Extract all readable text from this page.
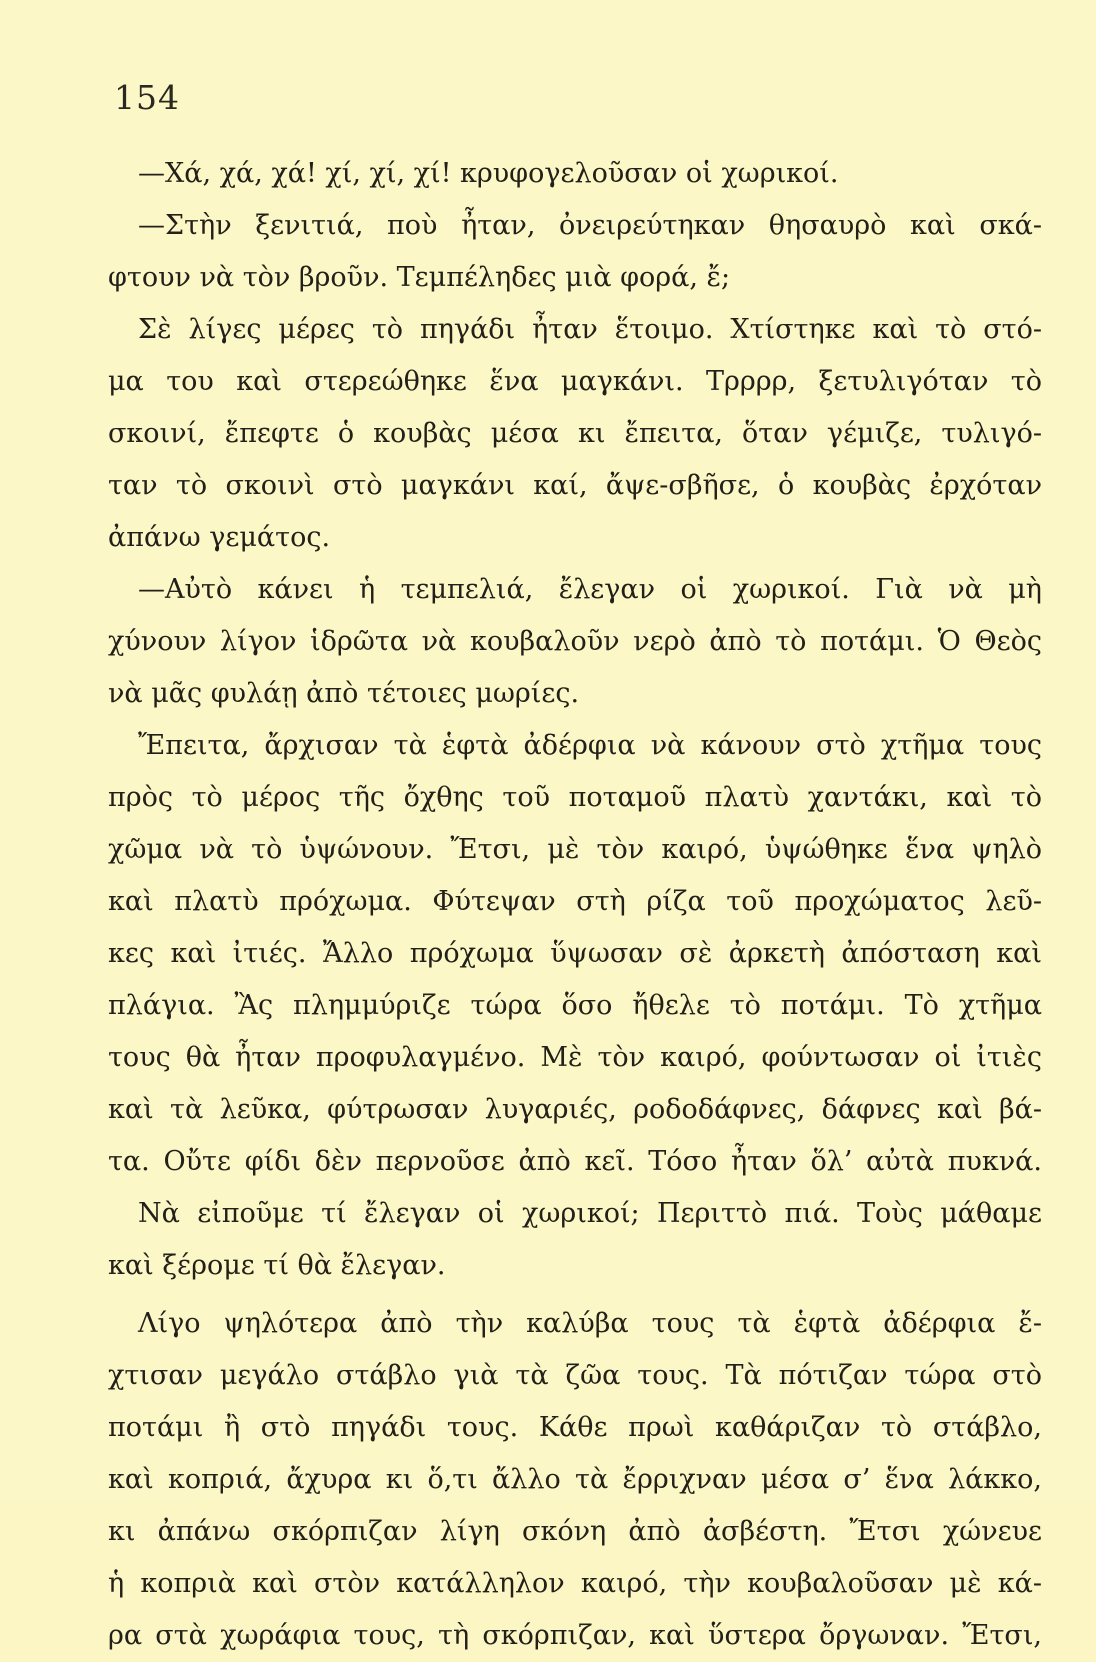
154
—Χά, χά, χά! χί, χί, χί! κρυφογελοῦσαν οἱ χωρικοί.
—Στὴν ξενιτιά, ποὺ ἦταν, ὀνειρεύτηκαν θησαυρὸ καὶ σκά-
φτουν νὰ τὸν βροῦν. Τεμπέληδες μιὰ φορά, ἔ;
Σὲ λίγες μέρες τὸ πηγάδι ἦταν ἕτοιμο. Χτίστηκε καὶ τὸ στό-
μα του καὶ στερεώθηκε ἕνα μαγκάνι. Τρρρρ, ξετυλιγόταν τὸ
σκοινί, ἔπεφτε ὁ κουβὰς μέσα κι ἔπειτα, ὅταν γέμιζε, τυλιγό-
ταν τὸ σκοινὶ στὸ μαγκάνι καί, ἄψε-σβῆσε, ὁ κουβὰς ἐρχόταν
ἀπάνω γεμάτος.
—Αὐτὸ κάνει ἡ τεμπελιά, ἔλεγαν οἱ χωρικοί. Γιὰ νὰ μὴ
χύνουν λίγον ἱδρῶτα νὰ κουβαλοῦν νερὸ ἀπὸ τὸ ποτάμι. Ὁ Θεὸς
νὰ μᾶς φυλάῃ ἀπὸ τέτοιες μωρίες.
Ἔπειτα, ἄρχισαν τὰ ἑφτὰ ἀδέρφια νὰ κάνουν στὸ χτῆμα τους
πρὸς τὸ μέρος τῆς ὄχθης τοῦ ποταμοῦ πλατὺ χαντάκι, καὶ τὸ
χῶμα νὰ τὸ ὑψώνουν. Ἔτσι, μὲ τὸν καιρό, ὑψώθηκε ἕνα ψηλὸ
καὶ πλατὺ πρόχωμα. Φύτεψαν στὴ ρίζα τοῦ προχώματος λεῦ-
κες καὶ ἰτιές. Ἄλλο πρόχωμα ὕψωσαν σὲ ἀρκετὴ ἀπόσταση καὶ
πλάγια. Ἂς πλημμύριζε τώρα ὅσο ἤθελε τὸ ποτάμι. Τὸ χτῆμα
τους θὰ ἦταν προφυλαγμένο. Μὲ τὸν καιρό, φούντωσαν οἱ ἰτιὲς
καὶ τὰ λεῦκα, φύτρωσαν λυγαριές, ροδοδάφνες, δάφνες καὶ βά-
τα. Οὔτε φίδι δὲν περνοῦσε ἀπὸ κεῖ. Τόσο ἦταν ὅλ’ αὐτὰ πυκνά.
Νὰ εἰποῦμε τί ἔλεγαν οἱ χωρικοί; Περιττὸ πιά. Τοὺς μάθαμε
καὶ ξέρομε τί θὰ ἔλεγαν.
Λίγο ψηλότερα ἀπὸ τὴν καλύβα τους τὰ ἑφτὰ ἀδέρφια ἔ-
χτισαν μεγάλο στάβλο γιὰ τὰ ζῶα τους. Τὰ πότιζαν τώρα στὸ
ποτάμι ἢ στὸ πηγάδι τους. Κάθε πρωὶ καθάριζαν τὸ στάβλο,
καὶ κοπριά, ἄχυρα κι ὅ,τι ἄλλο τὰ ἔρριχναν μέσα σ’ ἕνα λάκκο,
κι ἀπάνω σκόρπιζαν λίγη σκόνη ἀπὸ ἀσβέστη. Ἔτσι χώνευε
ἡ κοπριὰ καὶ στὸν κατάλληλον καιρό, τὴν κουβαλοῦσαν μὲ κά-
ρα στὰ χωράφια τους, τὴ σκόρπιζαν, καὶ ὕστερα ὄργωναν. Ἔτσι,
